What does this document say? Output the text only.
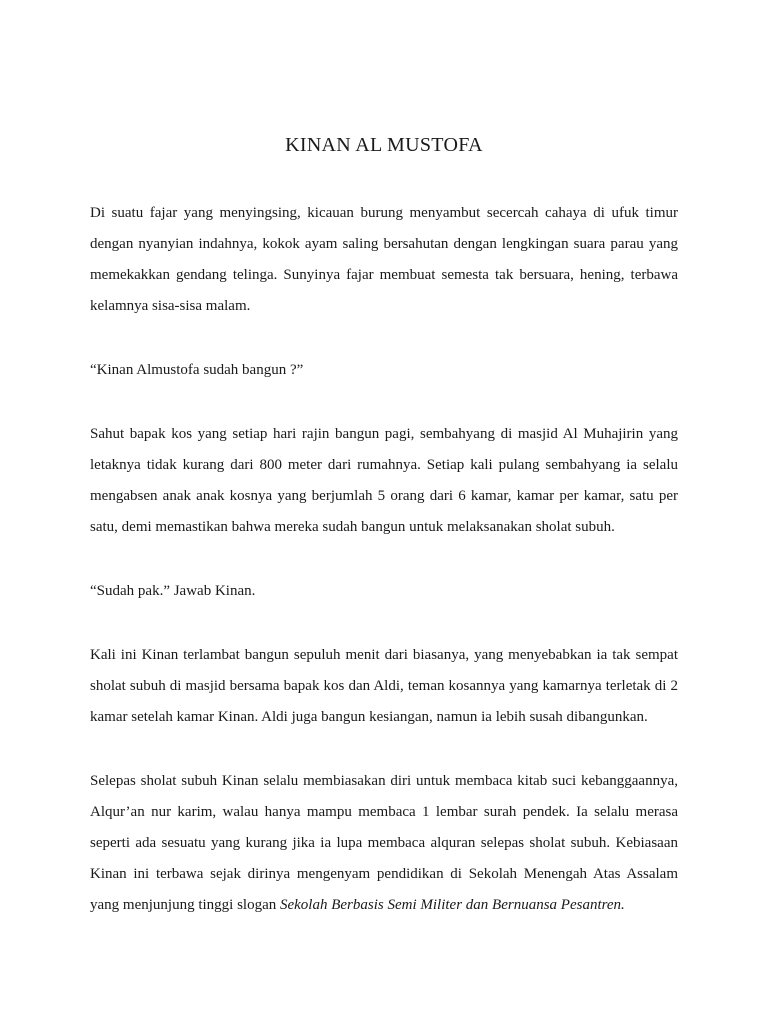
KINAN AL MUSTOFA

Di suatu fajar yang menyingsing, kicauan burung menyambut secercah cahaya di ufuk timur dengan nyanyian indahnya, kokok ayam saling bersahutan dengan lengkingan suara parau yang memekakkan gendang telinga. Sunyinya fajar membuat semesta tak bersuara, hening, terbawa kelamnya sisa-sisa malam.

“Kinan Almustofa sudah bangun ?”

Sahut bapak kos yang setiap hari rajin bangun pagi, sembahyang di masjid Al Muhajirin yang letaknya tidak kurang dari 800 meter dari rumahnya. Setiap kali pulang sembahyang ia selalu mengabsen anak anak kosnya yang berjumlah 5 orang dari 6 kamar, kamar per kamar, satu per satu, demi memastikan bahwa mereka sudah bangun untuk melaksanakan sholat subuh.

“Sudah pak.” Jawab Kinan.

Kali ini Kinan terlambat bangun sepuluh menit dari biasanya, yang menyebabkan ia tak sempat sholat subuh di masjid bersama bapak kos dan Aldi, teman kosannya yang kamarnya terletak di 2 kamar setelah kamar Kinan. Aldi juga bangun kesiangan, namun ia lebih susah dibangunkan.

Selepas sholat subuh Kinan selalu membiasakan diri untuk membaca kitab suci kebanggaannya, Alqur’an nur karim, walau hanya mampu membaca 1 lembar surah pendek. Ia selalu merasa seperti ada sesuatu yang kurang jika ia lupa membaca alquran selepas sholat subuh. Kebiasaan Kinan ini terbawa sejak dirinya mengenyam pendidikan di Sekolah Menengah Atas Assalam yang menjunjung tinggi slogan Sekolah Berbasis Semi Militer dan Bernuansa Pesantren.
